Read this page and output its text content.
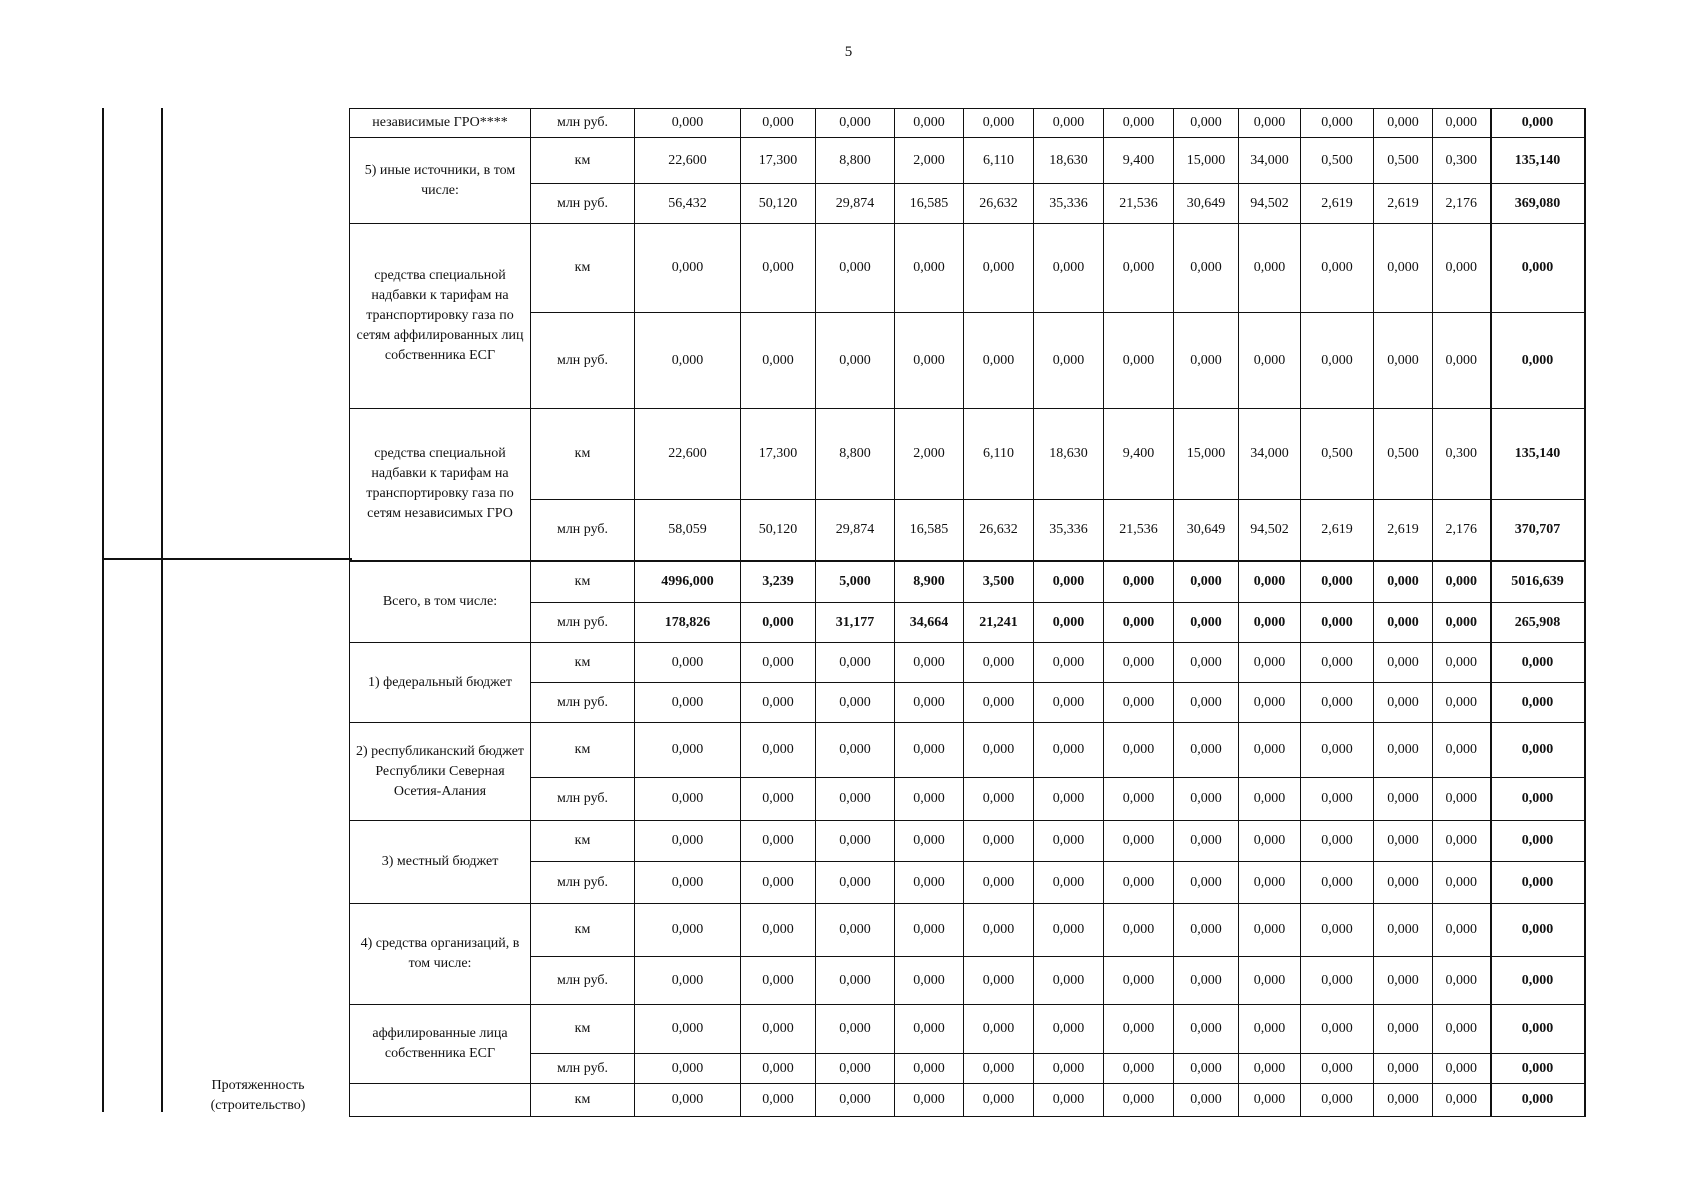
5
независимые ГРО****	млн руб.	0,000	0,000	0,000	0,000	0,000	0,000	0,000	0,000	0,000	0,000	0,000	0,000	0,000
5) иные источники, в том числе:	км	22,600	17,300	8,800	2,000	6,110	18,630	9,400	15,000	34,000	0,500	0,500	0,300	135,140
	млн руб.	56,432	50,120	29,874	16,585	26,632	35,336	21,536	30,649	94,502	2,619	2,619	2,176	369,080
средства специальной надбавки к тарифам на транспортировку газа по сетям аффилированных лиц собственника ЕСГ	км	0,000	0,000	0,000	0,000	0,000	0,000	0,000	0,000	0,000	0,000	0,000	0,000	0,000
	млн руб.	0,000	0,000	0,000	0,000	0,000	0,000	0,000	0,000	0,000	0,000	0,000	0,000	0,000
средства специальной надбавки к тарифам на транспортировку газа по сетям независимых ГРО	км	22,600	17,300	8,800	2,000	6,110	18,630	9,400	15,000	34,000	0,500	0,500	0,300	135,140
	млн руб.	58,059	50,120	29,874	16,585	26,632	35,336	21,536	30,649	94,502	2,619	2,619	2,176	370,707
Всего, в том числе:	км	4996,000	3,239	5,000	8,900	3,500	0,000	0,000	0,000	0,000	0,000	0,000	0,000	5016,639
	млн руб.	178,826	0,000	31,177	34,664	21,241	0,000	0,000	0,000	0,000	0,000	0,000	0,000	265,908
1) федеральный бюджет	км	0,000	0,000	0,000	0,000	0,000	0,000	0,000	0,000	0,000	0,000	0,000	0,000	0,000
	млн руб.	0,000	0,000	0,000	0,000	0,000	0,000	0,000	0,000	0,000	0,000	0,000	0,000	0,000
2) республиканский бюджет Республики Северная Осетия-Алания	км	0,000	0,000	0,000	0,000	0,000	0,000	0,000	0,000	0,000	0,000	0,000	0,000	0,000
	млн руб.	0,000	0,000	0,000	0,000	0,000	0,000	0,000	0,000	0,000	0,000	0,000	0,000	0,000
3) местный бюджет	км	0,000	0,000	0,000	0,000	0,000	0,000	0,000	0,000	0,000	0,000	0,000	0,000	0,000
	млн руб.	0,000	0,000	0,000	0,000	0,000	0,000	0,000	0,000	0,000	0,000	0,000	0,000	0,000
4) средства организаций, в том числе:	км	0,000	0,000	0,000	0,000	0,000	0,000	0,000	0,000	0,000	0,000	0,000	0,000	0,000
	млн руб.	0,000	0,000	0,000	0,000	0,000	0,000	0,000	0,000	0,000	0,000	0,000	0,000	0,000
аффилированные лица собственника ЕСГ	км	0,000	0,000	0,000	0,000	0,000	0,000	0,000	0,000	0,000	0,000	0,000	0,000	0,000
	млн руб.	0,000	0,000	0,000	0,000	0,000	0,000	0,000	0,000	0,000	0,000	0,000	0,000	0,000
	км	0,000	0,000	0,000	0,000	0,000	0,000	0,000	0,000	0,000	0,000	0,000	0,000	0,000
Протяженность (строительство)
